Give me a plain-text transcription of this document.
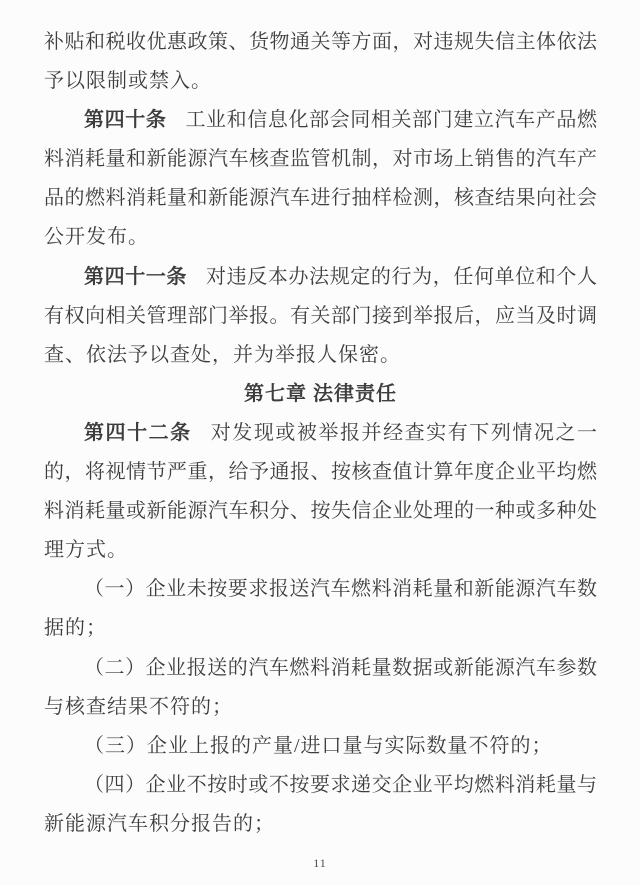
补贴和税收优惠政策、货物通关等方面，对违规失信主体依法
予以限制或禁入。
第四十条 工业和信息化部会同相关部门建立汽车产品燃
料消耗量和新能源汽车核查监管机制，对市场上销售的汽车产
品的燃料消耗量和新能源汽车进行抽样检测，核查结果向社会
公开发布。
第四十一条 对违反本办法规定的行为，任何单位和个人
有权向相关管理部门举报。有关部门接到举报后，应当及时调
查、依法予以查处，并为举报人保密。
第七章 法律责任
第四十二条 对发现或被举报并经查实有下列情况之一
的，将视情节严重，给予通报、按核查值计算年度企业平均燃
料消耗量或新能源汽车积分、按失信企业处理的一种或多种处
理方式。
（一）企业未按要求报送汽车燃料消耗量和新能源汽车数
据的；
（二）企业报送的汽车燃料消耗量数据或新能源汽车参数
与核查结果不符的；
（三）企业上报的产量/进口量与实际数量不符的；
（四）企业不按时或不按要求递交企业平均燃料消耗量与
新能源汽车积分报告的；
11
